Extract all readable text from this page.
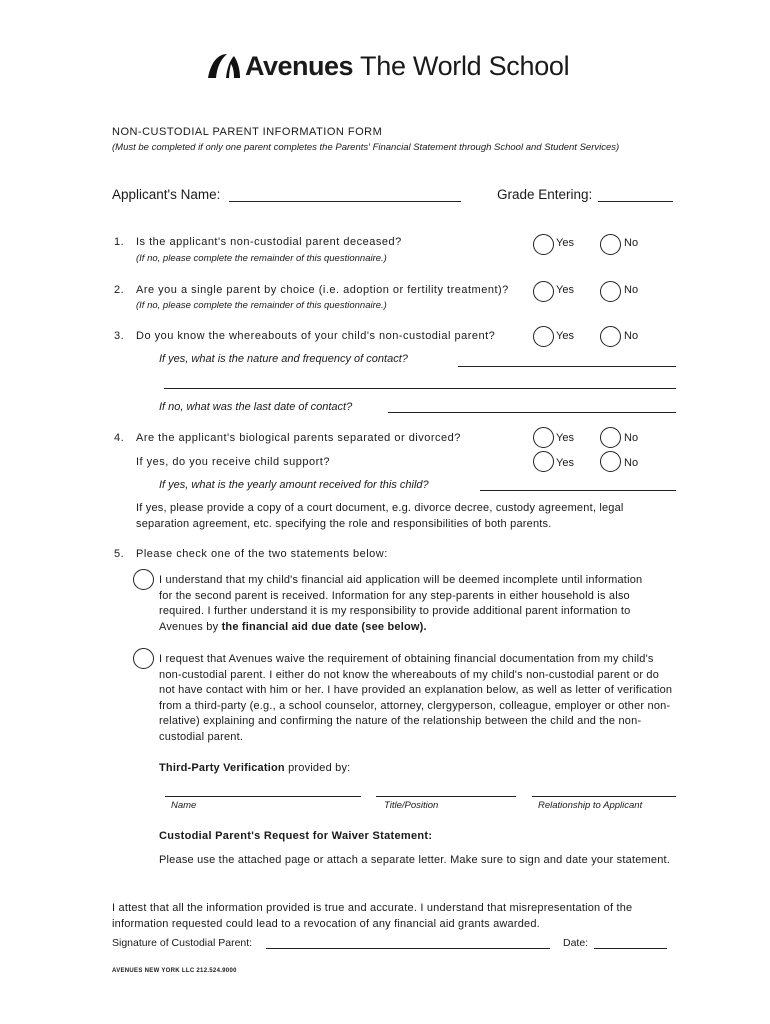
Avenues The World School
NON-CUSTODIAL PARENT INFORMATION FORM
(Must be completed if only one parent completes the Parents' Financial Statement through School and Student Services)
Applicant's Name:	Grade Entering:
1. Is the applicant's non-custodial parent deceased?
(If no, please complete the remainder of this questionnaire.)
Yes	No
2. Are you a single parent by choice (i.e. adoption or fertility treatment)?
(If no, please complete the remainder of this questionnaire.)
Yes	No
3. Do you know the whereabouts of your child's non-custodial parent?	Yes	No
If yes, what is the nature and frequency of contact?
If no, what was the last date of contact?
4. Are the applicant's biological parents separated or divorced?	Yes	No
If yes, do you receive child support?	Yes	No
If yes, what is the yearly amount received for this child?
If yes, please provide a copy of a court document, e.g. divorce decree, custody agreement, legal separation agreement, etc. specifying the role and responsibilities of both parents.
5. Please check one of the two statements below:
I understand that my child's financial aid application will be deemed incomplete until information for the second parent is received. Information for any step-parents in either household is also required. I further understand it is my responsibility to provide additional parent information to Avenues by the financial aid due date (see below).
I request that Avenues waive the requirement of obtaining financial documentation from my child's non-custodial parent. I either do not know the whereabouts of my child's non-custodial parent or do not have contact with him or her. I have provided an explanation below, as well as letter of verification from a third-party (e.g., a school counselor, attorney, clergyperson, colleague, employer or other non-relative) explaining and confirming the nature of the relationship between the child and the non-custodial parent.
Third-Party Verification provided by:
Name	Title/Position	Relationship to Applicant
Custodial Parent's Request for Waiver Statement:
Please use the attached page or attach a separate letter. Make sure to sign and date your statement.
I attest that all the information provided is true and accurate. I understand that misrepresentation of the information requested could lead to a revocation of any financial aid grants awarded.
Signature of Custodial Parent:	Date:
AVENUES NEW YORK LLC 212.524.9000
